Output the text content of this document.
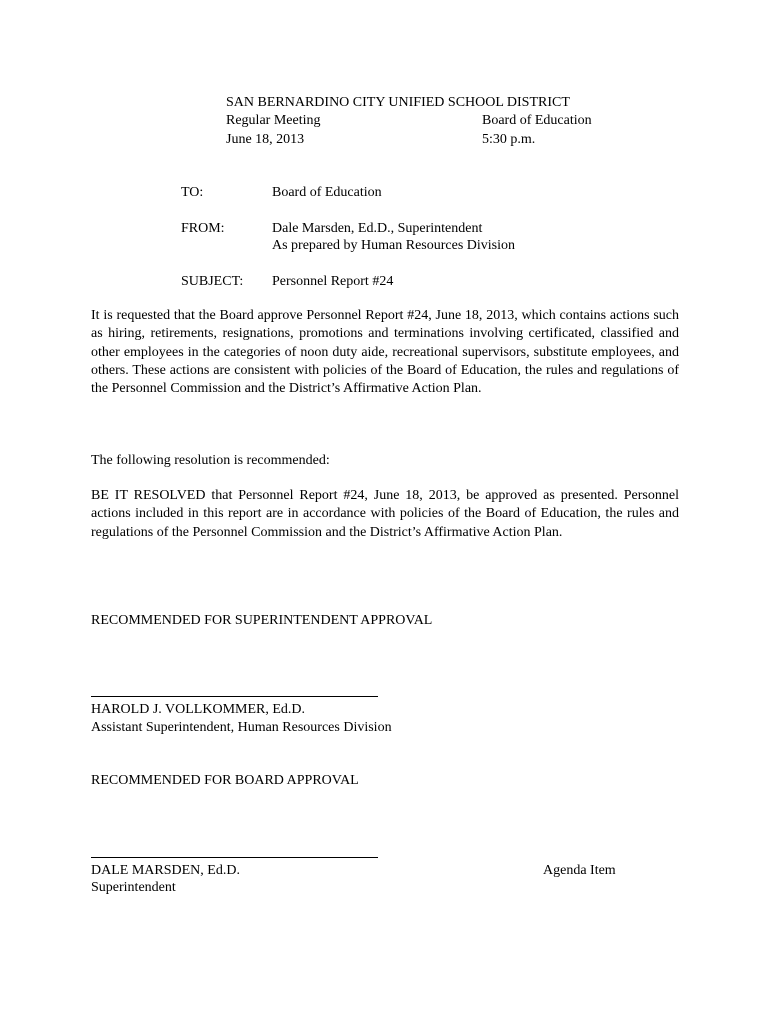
SAN BERNARDINO CITY UNIFIED SCHOOL DISTRICT
Regular Meeting	Board of Education
June 18, 2013	5:30 p.m.
TO:	Board of Education
FROM:	Dale Marsden, Ed.D., Superintendent
As prepared by Human Resources Division
SUBJECT: Personnel Report #24
It is requested that the Board approve Personnel Report #24, June 18, 2013, which contains actions such as hiring, retirements, resignations, promotions and terminations involving certificated, classified and other employees in the categories of noon duty aide, recreational supervisors, substitute employees, and others. These actions are consistent with policies of the Board of Education, the rules and regulations of the Personnel Commission and the District’s Affirmative Action Plan.
The following resolution is recommended:
BE IT RESOLVED that Personnel Report #24, June 18, 2013, be approved as presented. Personnel actions included in this report are in accordance with policies of the Board of Education, the rules and regulations of the Personnel Commission and the District’s Affirmative Action Plan.
RECOMMENDED FOR SUPERINTENDENT APPROVAL
HAROLD J. VOLLKOMMER, Ed.D.
Assistant Superintendent, Human Resources Division
RECOMMENDED FOR BOARD APPROVAL
DALE MARSDEN, Ed.D.
Superintendent
Agenda Item
